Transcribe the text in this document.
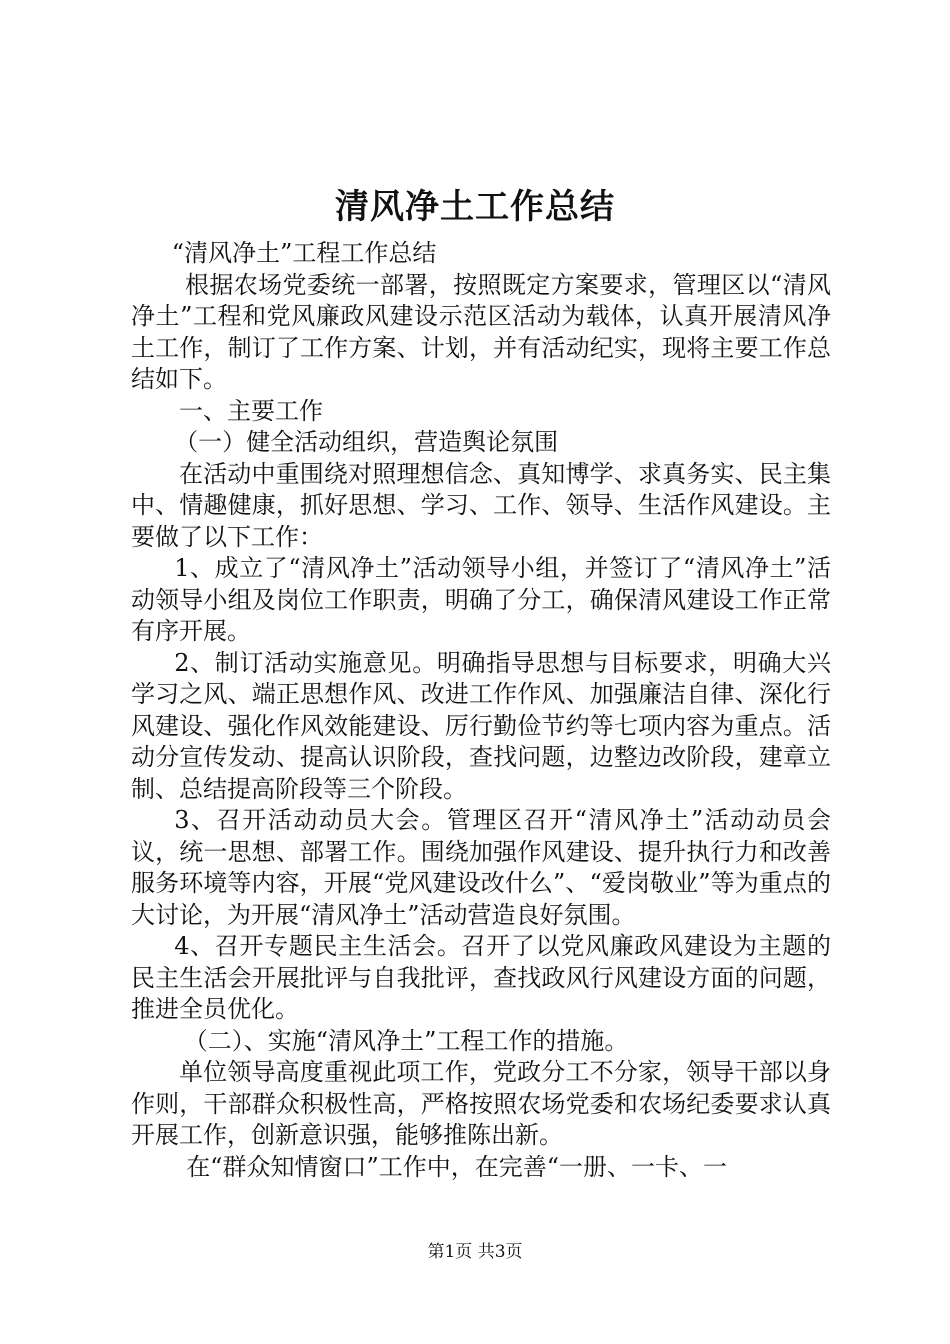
清风净土工作总结

“清风净土”工程工作总结

根据农场党委统一部署，按照既定方案要求，管理区以“清风净土”工程和党风廉政风建设示范区活动为载体，认真开展清风净土工作，制订了工作方案、计划，并有活动纪实，现将主要工作总结如下。

一、主要工作

（一）健全活动组织，营造舆论氛围

在活动中重围绕对照理想信念、真知博学、求真务实、民主集中、情趣健康，抓好思想、学习、工作、领导、生活作风建设。主要做了以下工作：

1、成立了“清风净土”活动领导小组，并签订了“清风净土”活动领导小组及岗位工作职责，明确了分工，确保清风建设工作正常有序开展。

2、制订活动实施意见。明确指导思想与目标要求，明确大兴学习之风、端正思想作风、改进工作作风、加强廉洁自律、深化行风建设、强化作风效能建设、厉行勤俭节约等七项内容为重点。活动分宣传发动、提高认识阶段，查找问题，边整边改阶段，建章立制、总结提高阶段等三个阶段。

3、召开活动动员大会。管理区召开“清风净土”活动动员会议，统一思想、部署工作。围绕加强作风建设、提升执行力和改善服务环境等内容，开展“党风建设改什么”、“爱岗敬业”等为重点的大讨论，为开展“清风净土”活动营造良好氛围。

4、召开专题民主生活会。召开了以党风廉政风建设为主题的民主生活会开展批评与自我批评，查找政风行风建设方面的问题，推进全员优化。

（二）、实施“清风净土”工程工作的措施。

单位领导高度重视此项工作，党政分工不分家，领导干部以身作则，干部群众积极性高，严格按照农场党委和农场纪委要求认真开展工作，创新意识强，能够推陈出新。

在“群众知情窗口”工作中，在完善“一册、一卡、一

第1页 共3页
